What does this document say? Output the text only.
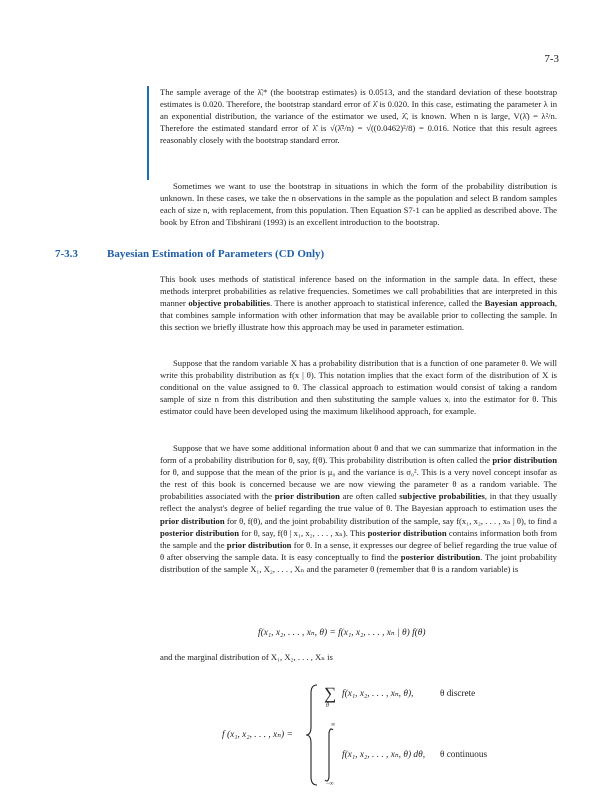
7-3

The sample average of the λ̂ᵢ* (the bootstrap estimates) is 0.0513, and the standard deviation of these bootstrap estimates is 0.020. Therefore, the bootstrap standard error of λ̂ is 0.020. In this case, estimating the parameter λ in an exponential distribution, the variance of the estimator we used, λ̂, is known. When n is large, V(λ̂) = λ²/n. Therefore the estimated standard error of λ̂ is √(λ̂²/n) = √((0.0462)²/8) = 0.016. Notice that this result agrees reasonably closely with the bootstrap standard error.

Sometimes we want to use the bootstrap in situations in which the form of the probability distribution is unknown. In these cases, we take the n observations in the sample as the population and select B random samples each of size n, with replacement, from this population. Then Equation S7-1 can be applied as described above. The book by Efron and Tibshirani (1993) is an excellent introduction to the bootstrap.

7-3.3	Bayesian Estimation of Parameters (CD Only)

This book uses methods of statistical inference based on the information in the sample data. In effect, these methods interpret probabilities as relative frequencies. Sometimes we call probabilities that are interpreted in this manner objective probabilities. There is another approach to statistical inference, called the Bayesian approach, that combines sample information with other information that may be available prior to collecting the sample. In this section we briefly illustrate how this approach may be used in parameter estimation.

Suppose that the random variable X has a probability distribution that is a function of one parameter θ. We will write this probability distribution as f(x | θ). This notation implies that the exact form of the distribution of X is conditional on the value assigned to θ. The classical approach to estimation would consist of taking a random sample of size n from this distribution and then substituting the sample values xᵢ into the estimator for θ. This estimator could have been developed using the maximum likelihood approach, for example.

Suppose that we have some additional information about θ and that we can summarize that information in the form of a probability distribution for θ, say, f(θ). This probability distribution is often called the prior distribution for θ, and suppose that the mean of the prior is μ₀ and the variance is σ₀². This is a very novel concept insofar as the rest of this book is concerned because we are now viewing the parameter θ as a random variable. The probabilities associated with the prior distribution are often called subjective probabilities, in that they usually reflect the analyst's degree of belief regarding the true value of θ. The Bayesian approach to estimation uses the prior distribution for θ, f(θ), and the joint probability distribution of the sample, say f(x₁, x₂, . . . , xₙ | θ), to find a posterior distribution for θ, say, f(θ | x₁, x₂, . . . , xₙ). This posterior distribution contains information both from the sample and the prior distribution for θ. In a sense, it expresses our degree of belief regarding the true value of θ after observing the sample data. It is easy conceptually to find the posterior distribution. The joint probability distribution of the sample X₁, X₂, . . . , Xₙ and the parameter θ (remember that θ is a random variable) is

f(x₁, x₂, . . . , xₙ, θ) = f(x₁, x₂, . . . , xₙ | θ) f(θ)

and the marginal distribution of X₁, X₂, . . . , Xₙ is

f (x₁, x₂, . . . , xₙ) =
∑
θ
f(x₁, x₂, . . . , xₙ, θ),	θ discrete
∞
−∞
f(x₁, x₂, . . . , xₙ, θ) dθ, θ continuous
